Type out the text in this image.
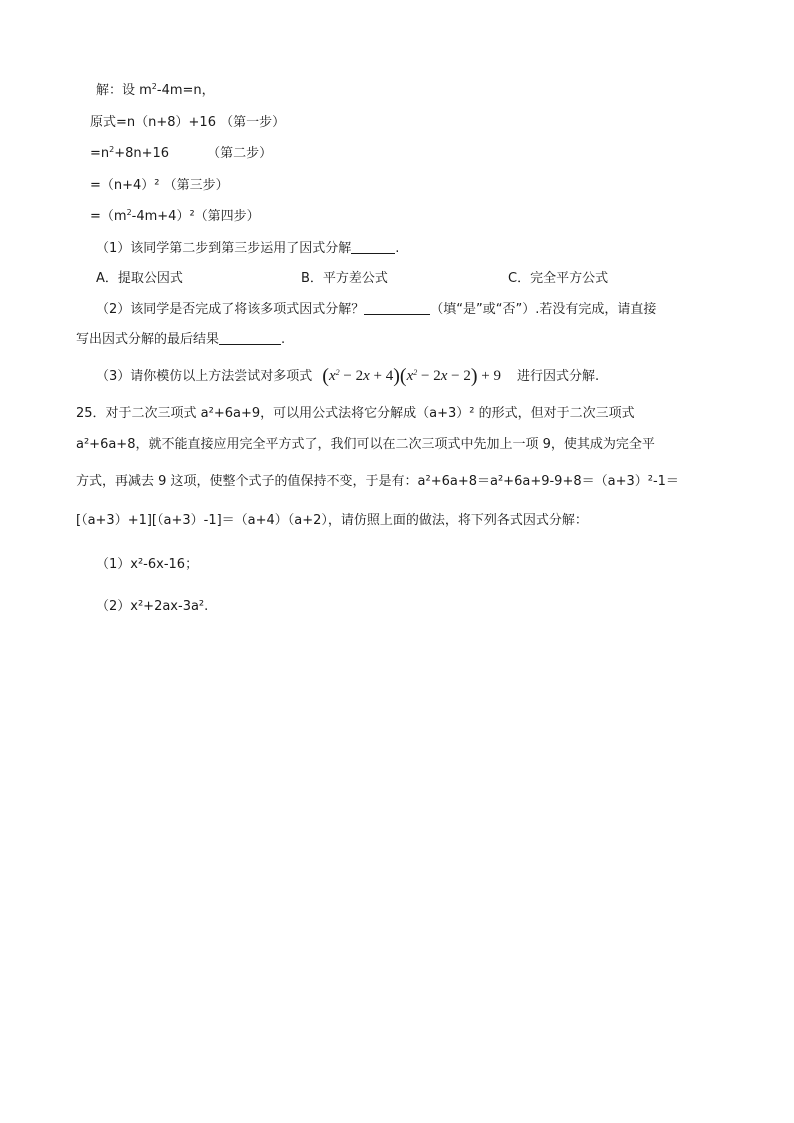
解：设 $m^2-4m=n$，
原式=n（n+8）+16 （第一步）
$=n^2+8n+16$	（第二步）
=（n+4）² （第三步）
$=(m^2-4m+4)^2$（第四步）
（1）该同学第二步到第三步运用了因式分解	.
A．提取公因式	B．平方差公式	C．完全平方公式
（2）该同学是否完成了将该多项式因式分解？	（填“是”或“否”）.若没有完成，请直接
写出因式分解的最后结果	.
（3）请你模仿以上方法尝试对多项式 $(x^2 - 2x + 4)(x^2 - 2x - 2) + 9$ 进行因式分解.
25．对于二次三项式 a²+6a+9，可以用公式法将它分解成（a+3）² 的形式，但对于二次三项式
a²+6a+8，就不能直接应用完全平方式了，我们可以在二次三项式中先加上一项 9，使其成为完全平
方式，再减去 9 这项，使整个式子的值保持不变，于是有：a²+6a+8＝a²+6a+9-9+8＝（a+3）²-1＝
[（a+3）+1][（a+3）-1]＝（a+4）（a+2），请仿照上面的做法，将下列各式因式分解：
（1）x²-6x-16；
（2）x²+2ax-3a².
